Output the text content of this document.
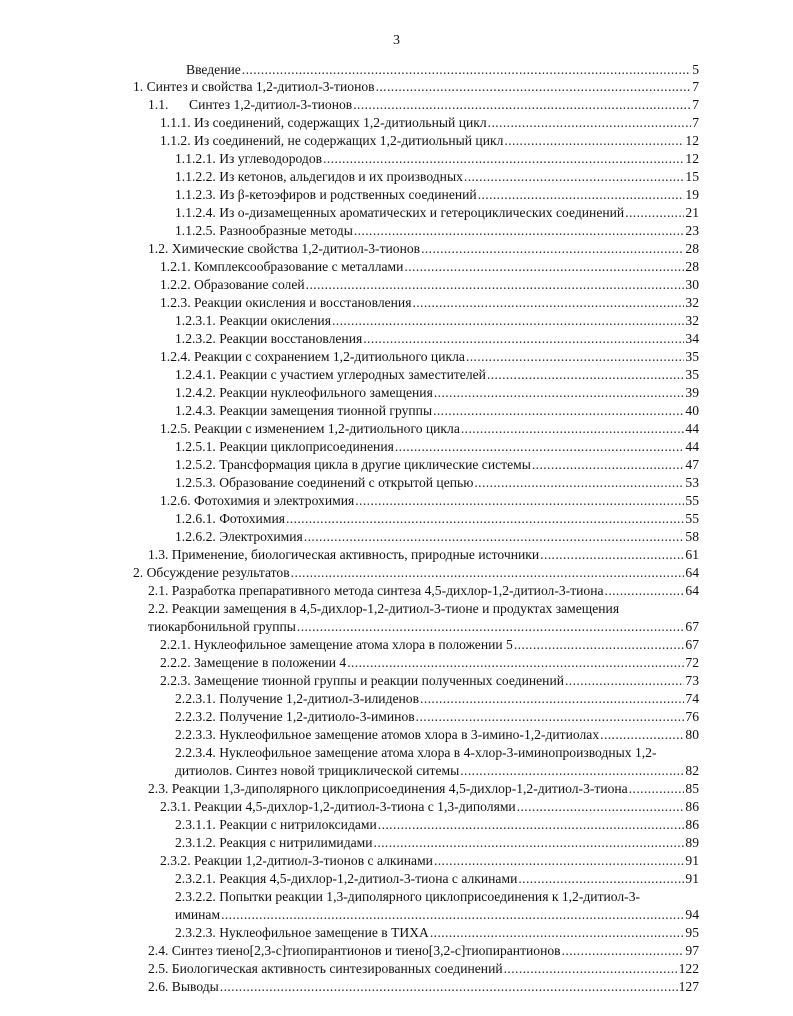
3
Введение . . .	5
1.
Синтез и свойства 1,2-дитиол-3-тионов . . .	7
1.1.	Синтез 1,2-дитиол-3-тионов . . .	7
1.1.1.
Из соединений, содержащих 1,2-дитиольный цикл . . .	7
1.1.2.
Из соединений, не содержащих 1,2-дитиольный цикл . . .	12
1.1.2.1.
Из углеводородов . . .	12
1.1.2.2.
Из кетонов, альдегидов и их производных . . .	15
1.1.2.3.
Из β-кетоэфиров и родственных соединений . . .	19
1.1.2.4.
Из о-дизамещенных ароматических и гетероциклических соединений . . .	21
1.1.2.5.
Разнообразные методы . . .	23
1.2.
Химические свойства 1,2-дитиол-3-тионов . . .	28
1.2.1.
Комплексообразование с металлами . . .	28
1.2.2.
Образование солей . . .	30
1.2.3.
Реакции окисления и восстановления . . .	32
1.2.3.1.
Реакции окисления . . .	32
1.2.3.2.
Реакции восстановления . . .	34
1.2.4.
Реакции с сохранением 1,2-дитиольного цикла . . .	35
1.2.4.1.
Реакции с участием углеродных заместителей . . .	35
1.2.4.2.
Реакции нуклеофильного замещения . . .	39
1.2.4.3.
Реакции замещения тионной группы . . .	40
1.2.5.
Реакции с изменением 1,2-дитиольного цикла . . .	44
1.2.5.1.
Реакции циклоприсоединения . . .	44
1.2.5.2.
Трансформация цикла в другие циклические системы . . .	47
1.2.5.3.
Образование соединений с открытой цепью . . .	53
1.2.6.
Фотохимия и электрохимия . . .	55
1.2.6.1.
Фотохимия . . .	55
1.2.6.2.
Электрохимия . . .	58
1.3.
Применение, биологическая активность, природные источники . . .	61
2.
Обсуждение результатов . . .	64
2.1.
Разработка препаративного метода синтеза 4,5-дихлор-1,2-дитиол-3-тиона . . .	64
2.2. Реакции замещения в 4,5-дихлор-1,2-дитиол-3-тионе и продуктах замещения
тиокарбонильной группы . . .	67
2.2.1.
Нуклеофильное замещение атома хлора в положении 5 . . .	67
2.2.2.
Замещение в положении 4 . . .	72
2.2.3.
Замещение тионной группы и реакции полученных соединений . . .	73
2.2.3.1.
Получение 1,2-дитиол-3-илиденов . . .	74
2.2.3.2.
Получение 1,2-дитиоло-3-иминов . . .	76
2.2.3.3.
Нуклеофильное замещение атомов хлора в 3-имино-1,2-дитиолах . . .	80
2.2.3.4. Нуклеофильное замещение атома хлора в 4-хлор-3-иминопроизводных 1,2-
дитиолов. Синтез новой трициклической ситемы . . .	82
2.3.
Реакции 1,3-диполярного циклоприсоединения 4,5-дихлор-1,2-дитиол-3-тиона . . .	85
2.3.1.
Реакции 4,5-дихлор-1,2-дитиол-3-тиона с 1,3-диполями . . .	86
2.3.1.1.
Реакции с нитрилоксидами . . .	86
2.3.1.2.
Реакция с нитрилимидами . . .	89
2.3.2.
Реакции 1,2-дитиол-3-тионов с алкинами . . .	91
2.3.2.1.
Реакция 4,5-дихлор-1,2-дитиол-3-тиона с алкинами . . .	91
2.3.2.2. Попытки реакции 1,3-диполярного циклоприсоединения к 1,2-дитиол-3-
иминам . . .	94
2.3.2.3.
Нуклеофильное замещение в ТИХА . . .	95
2.4.
Синтез тиено[2,3-c]тиопирантионов и тиено[3,2-c]тиопирантионов . . .	97
2.5.
Биологическая активность синтезированных соединений . . .	122
2.6.
Выводы . . .	127
